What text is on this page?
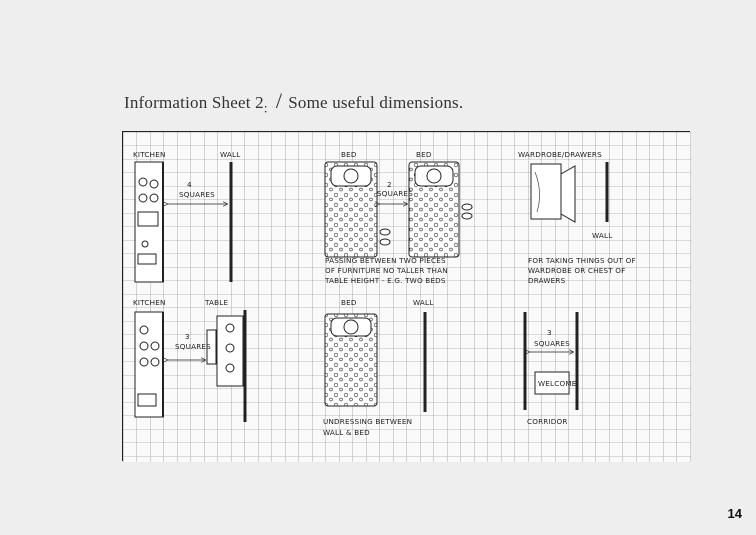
Information Sheet $2_:$ / Some useful dimensions.
KITCHEN	WALL
4
SQUARES
BED	BED
2
SQUARES
PASSING BETWEEN TWO PIECES
OF FURNITURE NO TALLER THAN
TABLE HEIGHT - E.G. TWO BEDS
WARDROBE/DRAWERS
WALL
FOR TAKING THINGS OUT OF
WARDROBE OR CHEST OF
DRAWERS
KITCHEN	TABLE
3
SQUARES
BED	WALL
UNDRESSING BETWEEN
WALL & BED
3
SQUARES
WELCOME
CORRIDOR
14
